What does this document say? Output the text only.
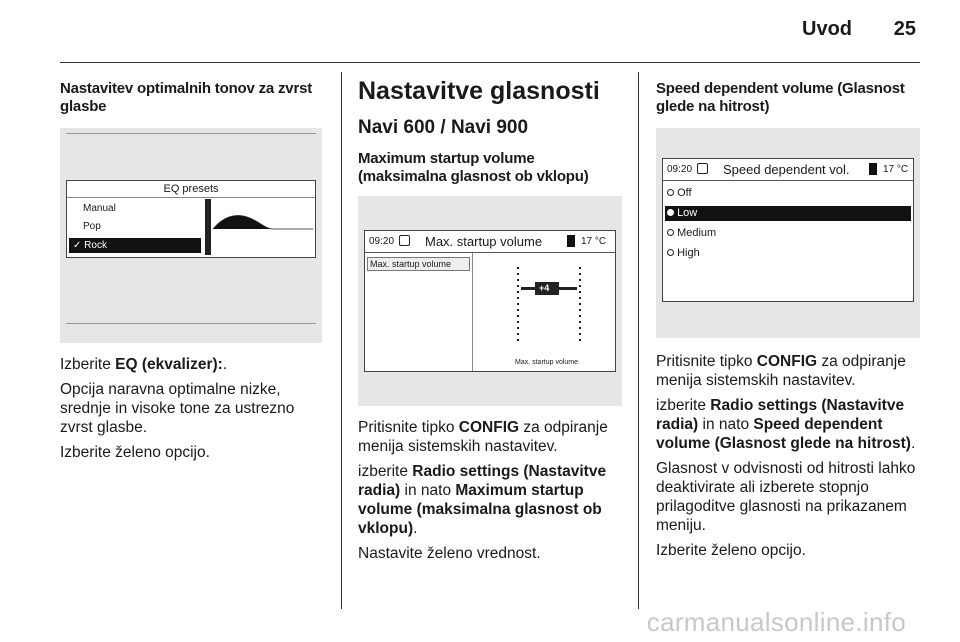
Uvod 25
Nastavitev optimalnih tonov za zvrst glasbe
EQ presets
Manual
Pop
✓ Rock

Izberite EQ (ekvalizer):.

Opcija naravna optimalne nizke, srednje in visoke tone za ustrezno zvrst glasbe.

Izberite želeno opcijo.

Nastavitve glasnosti
Navi 600 / Navi 900
Maximum startup volume (maksimalna glasnost ob vklopu)
09:20 Max. startup volume	17 °C
Max. startup volume
+4
Max. startup volume

Pritisnite tipko CONFIG za odpiranje menija sistemskih nastavitev.

izberite Radio settings (Nastavitve radia) in nato Maximum startup volume (maksimalna glasnost ob vklopu).

Nastavite želeno vrednost.

Speed dependent volume (Glasnost glede na hitrost)
09:20 Speed dependent vol.	17 °C
Off
Low
Medium
High

Pritisnite tipko CONFIG za odpiranje menija sistemskih nastavitev.

izberite Radio settings (Nastavitve radia) in nato Speed dependent volume (Glasnost glede na hitrost).

Glasnost v odvisnosti od hitrosti lahko deaktivirate ali izberete stopnjo prilagoditve glasnosti na prikazanem meniju.

Izberite želeno opcijo.

carmanualsonline.info
